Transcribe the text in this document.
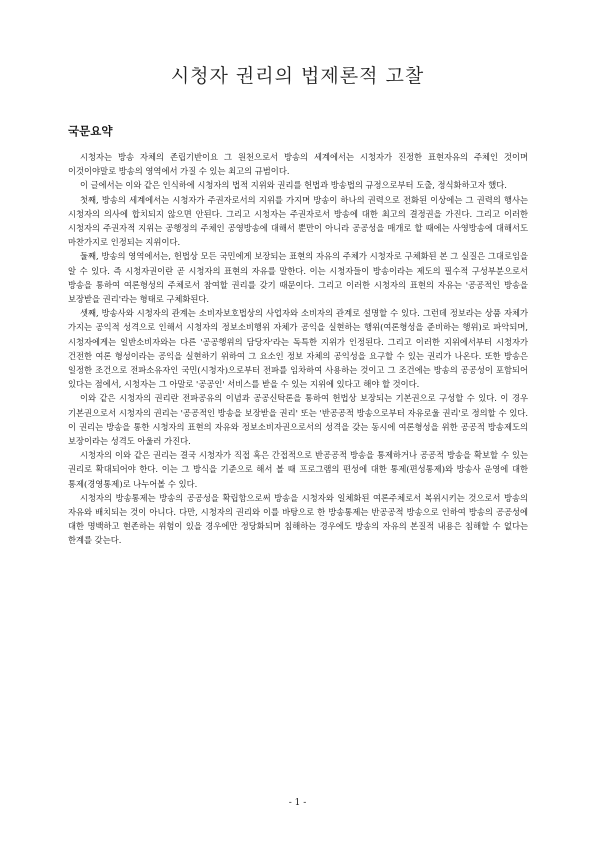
시청자 권리의 법제론적 고찰
국문요약

시청자는 방송 자체의 존립기반이요 그 원천으로서 방송의 세계에서는 시청자가 진정한 표현자유의 주체인 것이며 이것이야말로 방송의 영역에서 가질 수 있는 최고의 규범이다.

이 글에서는 이와 같은 인식하에 시청자의 법적 지위와 권리를 헌법과 방송법의 규정으로부터 도출, 정식화하고자 했다.

첫째, 방송의 세계에서는 시청자가 주권자로서의 지위를 가지며 방송이 하나의 권력으로 전화된 이상에는 그 권력의 행사는 시청자의 의사에 합치되지 않으면 안된다. 그리고 시청자는 주권자로서 방송에 대한 최고의 결정권을 가진다. 그리고 이러한 시청자의 주권자적 지위는 공행정의 주체인 공영방송에 대해서 뿐만이 아니라 공공성을 매개로 할 때에는 사영방송에 대해서도 마찬가지로 인정되는 지위이다.

둘째, 방송의 영역에서는, 헌법상 모든 국민에게 보장되는 표현의 자유의 주체가 시청자로 구체화된 본 그 실질은 그대로임을 알 수 있다. 즉 시청자권이란 곧 시청자의 표현의 자유를 말한다. 이는 시청자들이 방송이라는 제도의 필수적 구성부분으로서 방송을 통하여 여론형성의 주체로서 참여할 권리를 갖기 때문이다. 그리고 이러한 시청자의 표현의 자유는 '공공적인 방송을 보장받을 권리'라는 형태로 구체화된다.

셋째, 방송사와 시청자의 관계는 소비자보호법상의 사업자와 소비자의 관계로 설명할 수 있다. 그런데 정보라는 상품 자체가 가지는 공익적 성격으로 인해서 시청자의 정보소비행위 자체가 공익을 실현하는 행위(여론형성을 준비하는 행위)로 파악되며, 시청자에게는 일반소비자와는 다른 '공공행위의 담당자'라는 독특한 지위가 인정된다. 그리고 이러한 지위에서부터 시청자가 건전한 여론 형성이라는 공익을 실현하기 위하여 그 요소인 정보 자체의 공익성을 요구할 수 있는 권리가 나온다. 또한 방송은 일정한 조건으로 전파소유자인 국민(시청자)으로부터 전파를 임차하여 사용하는 것이고 그 조건에는 방송의 공공성이 포함되어 있다는 점에서, 시청자는 그 아말로 '공공인' 서비스를 받을 수 있는 지위에 있다고 해야 할 것이다.

이와 같은 시청자의 권리란 전파공유의 이념과 공공신탁론을 통하여 헌법상 보장되는 기본권으로 구성할 수 있다. 이 경우 기본권으로서 시청자의 권리는 '공공적인 방송을 보장받을 권리' 또는 '반공공적 방송으로부터 자유로울 권리'로 정의할 수 있다. 이 권리는 방송을 통한 시청자의 표현의 자유와 정보소비자권으로서의 성격을 갖는 동시에 여론형성을 위한 공공적 방송제도의 보장이라는 성격도 아울러 가진다.

시청자의 이와 같은 권리는 결국 시청자가 직접 혹은 간접적으로 반공공적 방송을 통제하거나 공공적 방송을 확보할 수 있는 권리로 확대되어야 한다. 이는 그 방식을 기준으로 해서 볼 때 프로그램의 편성에 대한 통제(편성통제)와 방송사 운영에 대한 통제(경영통제)로 나누어볼 수 있다.

시청자의 방송통제는 방송의 공공성을 확립함으로써 방송을 시청자와 일체화된 여론주체로서 복위시키는 것으로서 방송의 자유와 배치되는 것이 아니다. 다만, 시청자의 권리와 이를 바탕으로 한 방송통제는 반공공적 방송으로 인하여 방송의 공공성에 대한 명백하고 현존하는 위험이 있을 경우에만 정당화되며 침해하는 경우에도 방송의 자유의 본질적 내용은 침해할 수 없다는 한계를 갖는다.

- 1 -
